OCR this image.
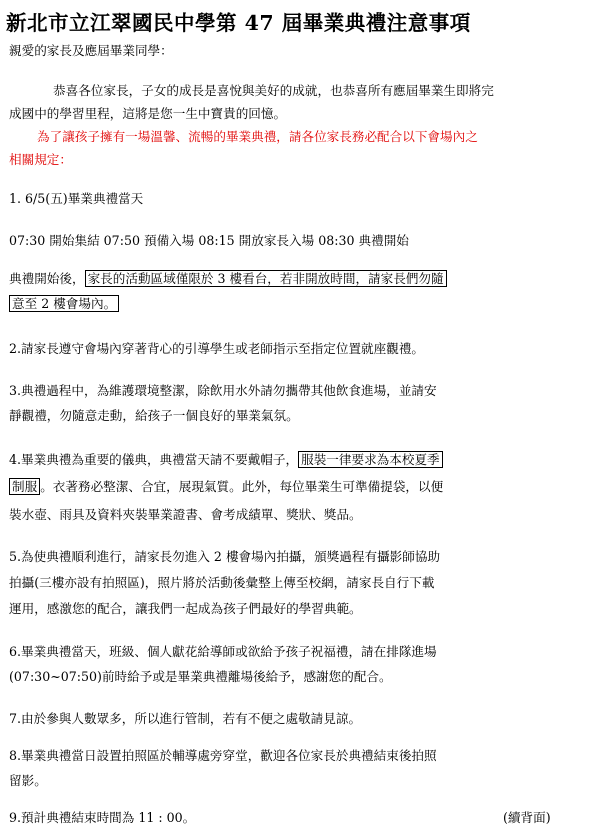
新北市立江翠國民中學第 47 屆畢業典禮注意事項
親愛的家長及應屆畢業同學：
恭喜各位家長，子女的成長是喜悅與美好的成就，也恭喜所有應屆畢業生即將完
成國中的學習里程，這將是您一生中寶貴的回憶。
為了讓孩子擁有一場溫馨、流暢的畢業典禮，請各位家長務必配合以下會場內之
相關規定：
1. 6/5(五)畢業典禮當天
07:30 開始集結 07:50 預備入場 08:15 開放家長入場 08:30 典禮開始
典禮開始後， 家長的活動區域僅限於 3 樓看台，若非開放時間，請家長們勿隨
意至 2 樓會場內。
2.請家長遵守會場內穿著背心的引導學生或老師指示至指定位置就座觀禮。
3.典禮過程中，為維護環境整潔，除飲用水外請勿攜帶其他飲食進場，並請安
靜觀禮，勿隨意走動，給孩子一個良好的畢業氣氛。
4.畢業典禮為重要的儀典，典禮當天請不要戴帽子， 服裝一律要求為本校夏季
制服 。衣著務必整潔、合宜，展現氣質。此外，每位畢業生可準備提袋，以便
裝水壺、雨具及資料夾裝畢業證書、會考成績單、獎狀、獎品。
5.為使典禮順利進行，請家長勿進入 2 樓會場內拍攝，頒獎過程有攝影師協助
拍攝(三樓亦設有拍照區)，照片將於活動後彙整上傳至校網，請家長自行下載
運用，感激您的配合，讓我們一起成為孩子們最好的學習典範。
6.畢業典禮當天，班級、個人獻花給導師或欲給予孩子祝福禮，請在排隊進場
(07:30~07:50)前時給予或是畢業典禮離場後給予，感謝您的配合。
7.由於參與人數眾多，所以進行管制，若有不便之處敬請見諒。
8.畢業典禮當日設置拍照區於輔導處旁穿堂，歡迎各位家長於典禮結束後拍照
留影。
9.預計典禮結束時間為 11 : 00。	(續背面)
